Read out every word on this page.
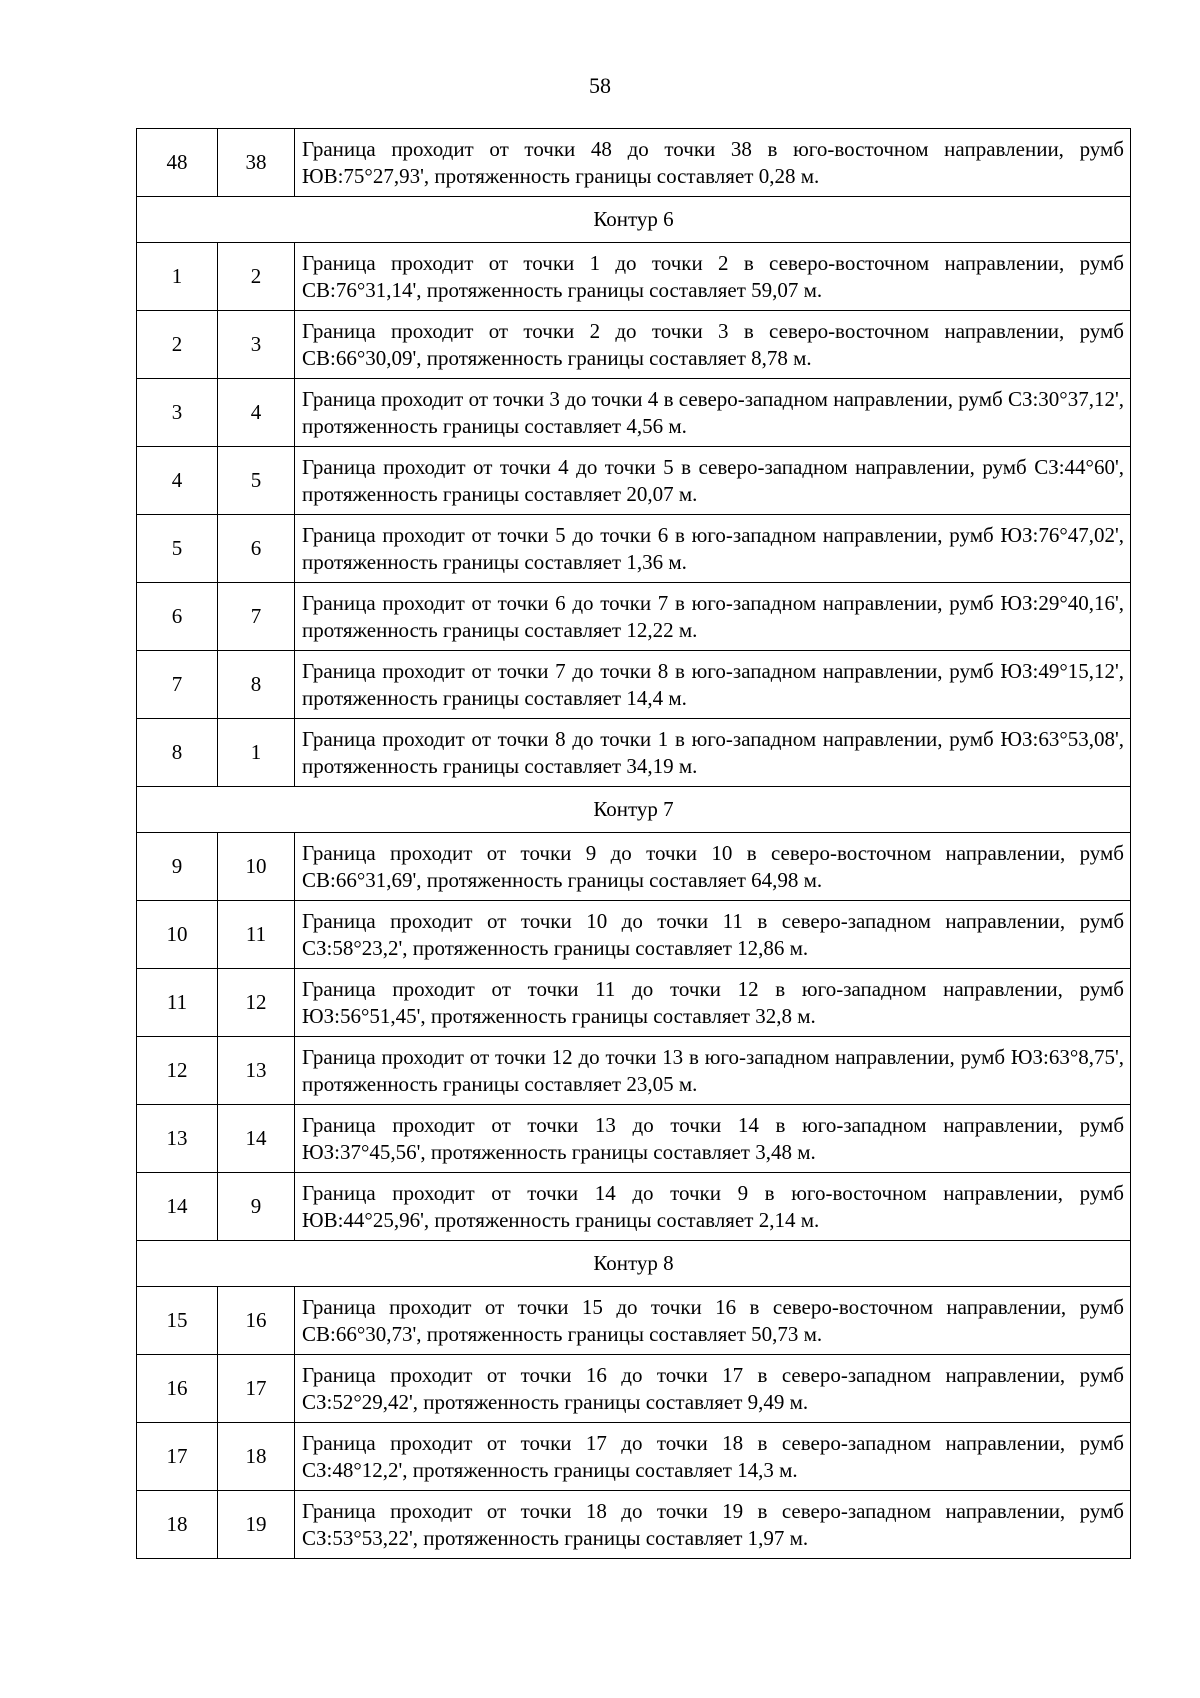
58
48	38	Граница проходит от точки 48 до точки 38 в юго-восточном направлении, румб ЮВ:75°27,93', протяженность границы составляет 0,28 м.
Контур 6		
1	2	Граница проходит от точки 1 до точки 2 в северо-восточном направлении, румб СВ:76°31,14', протяженность границы составляет 59,07 м.
2	3	Граница проходит от точки 2 до точки 3 в северо-восточном направлении, румб СВ:66°30,09', протяженность границы составляет 8,78 м.
3	4	Граница проходит от точки 3 до точки 4 в северо-западном направлении, румб СЗ:30°37,12', протяженность границы составляет 4,56 м.
4	5	Граница проходит от точки 4 до точки 5 в северо-западном направлении, румб СЗ:44°60', протяженность границы составляет 20,07 м.
5	6	Граница проходит от точки 5 до точки 6 в юго-западном направлении, румб ЮЗ:76°47,02', протяженность границы составляет 1,36 м.
6	7	Граница проходит от точки 6 до точки 7 в юго-западном направлении, румб ЮЗ:29°40,16', протяженность границы составляет 12,22 м.
7	8	Граница проходит от точки 7 до точки 8 в юго-западном направлении, румб ЮЗ:49°15,12', протяженность границы составляет 14,4 м.
8	1	Граница проходит от точки 8 до точки 1 в юго-западном направлении, румб ЮЗ:63°53,08', протяженность границы составляет 34,19 м.
Контур 7		
9	10	Граница проходит от точки 9 до точки 10 в северо-восточном направлении, румб СВ:66°31,69', протяженность границы составляет 64,98 м.
10	11	Граница проходит от точки 10 до точки 11 в северо-западном направлении, румб СЗ:58°23,2', протяженность границы составляет 12,86 м.
11	12	Граница проходит от точки 11 до точки 12 в юго-западном направлении, румб ЮЗ:56°51,45', протяженность границы составляет 32,8 м.
12	13	Граница проходит от точки 12 до точки 13 в юго-западном направлении, румб ЮЗ:63°8,75', протяженность границы составляет 23,05 м.
13	14	Граница проходит от точки 13 до точки 14 в юго-западном направлении, румб ЮЗ:37°45,56', протяженность границы составляет 3,48 м.
14	9	Граница проходит от точки 14 до точки 9 в юго-восточном направлении, румб ЮВ:44°25,96', протяженность границы составляет 2,14 м.
Контур 8		
15	16	Граница проходит от точки 15 до точки 16 в северо-восточном направлении, румб СВ:66°30,73', протяженность границы составляет 50,73 м.
16	17	Граница проходит от точки 16 до точки 17 в северо-западном направлении, румб СЗ:52°29,42', протяженность границы составляет 9,49 м.
17	18	Граница проходит от точки 17 до точки 18 в северо-западном направлении, румб СЗ:48°12,2', протяженность границы составляет 14,3 м.
18	19	Граница проходит от точки 18 до точки 19 в северо-западном направлении, румб СЗ:53°53,22', протяженность границы составляет 1,97 м.
